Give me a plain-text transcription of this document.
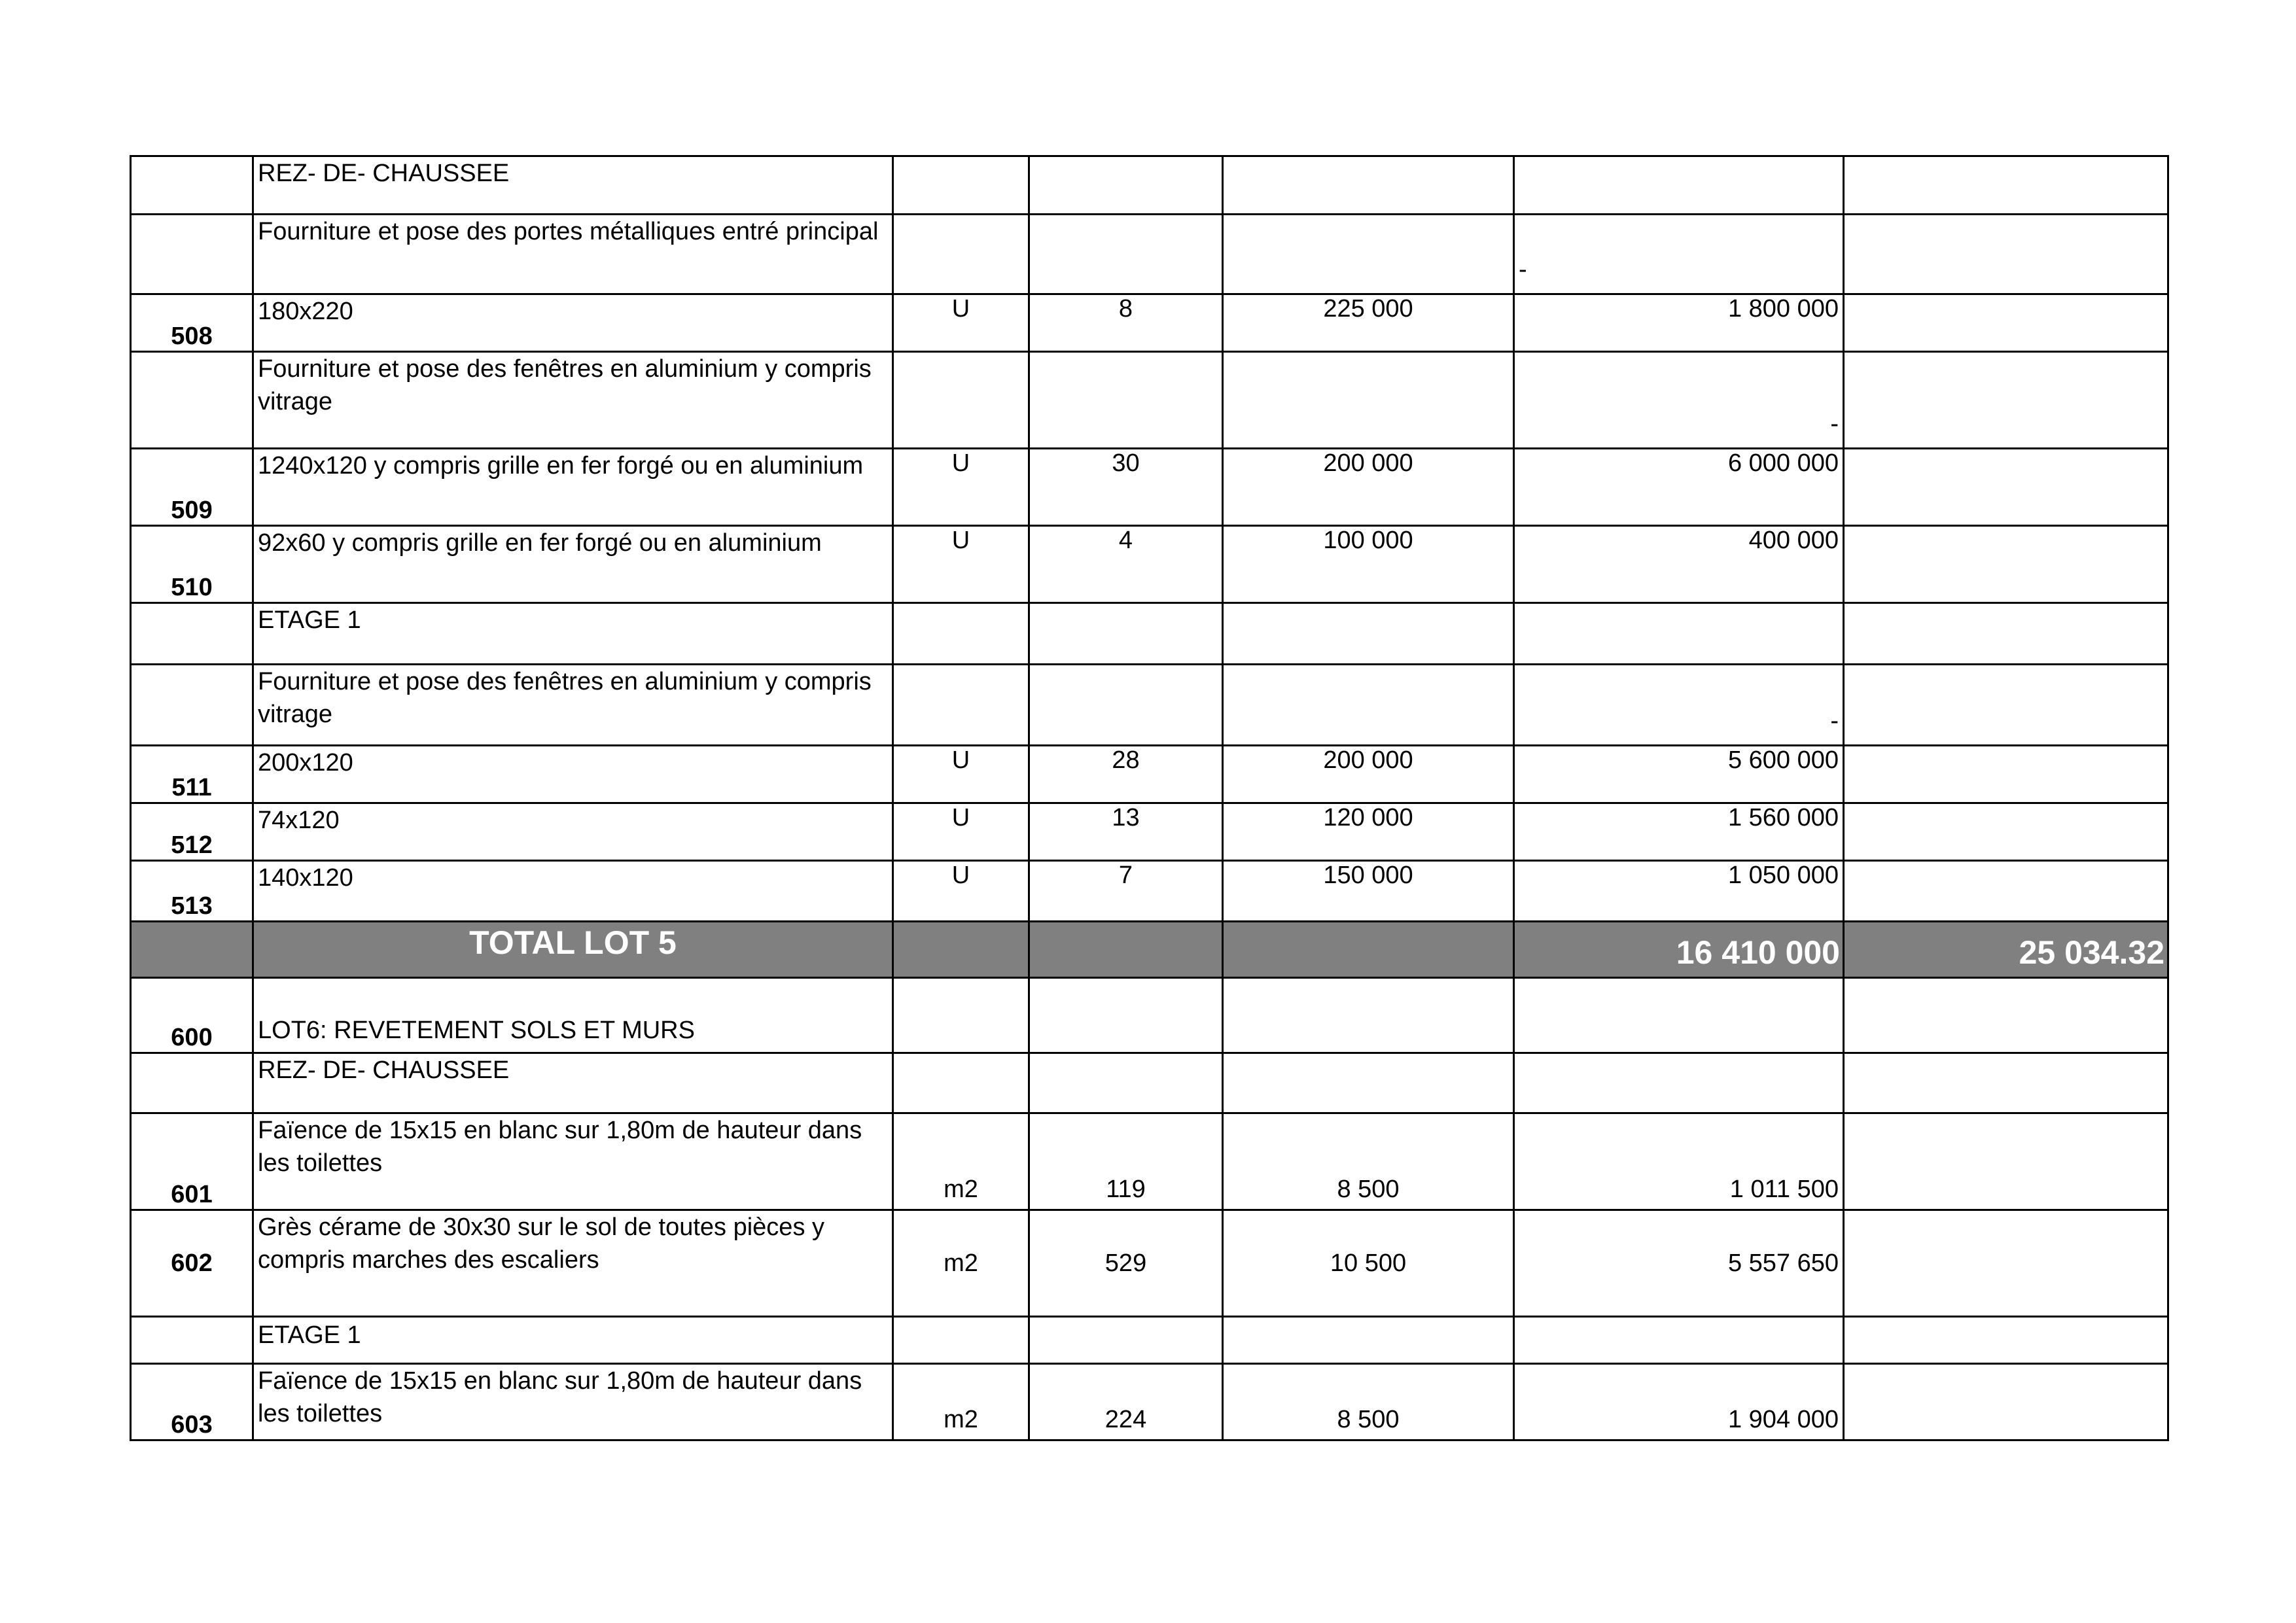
	REZ- DE- CHAUSSEE					
	Fourniture et pose des portes métalliques entré principal				-	
508	180x220	U	8	225 000	1 800 000	
	Fourniture et pose des fenêtres en aluminium y compris vitrage				-	
509	1240x120 y compris grille en fer forgé ou en aluminium	U	30	200 000	6 000 000	
510	92x60 y compris grille en fer forgé ou en aluminium	U	4	100 000	400 000	
	ETAGE 1					
	Fourniture et pose des fenêtres en aluminium y compris vitrage				-	
511	200x120	U	28	200 000	5 600 000	
512	74x120	U	13	120 000	1 560 000	
513	140x120	U	7	150 000	1 050 000	
	TOTAL LOT 5				16 410 000	25 034.32
600	LOT6: REVETEMENT SOLS ET MURS					
	REZ- DE- CHAUSSEE					
601	Faïence de 15x15 en blanc sur 1,80m de hauteur dans les toilettes	m2	119	8 500	1 011 500	
602	Grès cérame de 30x30 sur le sol de toutes pièces y compris marches des escaliers	m2	529	10 500	5 557 650	
	ETAGE 1					
603	Faïence de 15x15 en blanc sur 1,80m de hauteur dans les toilettes	m2	224	8 500	1 904 000	
